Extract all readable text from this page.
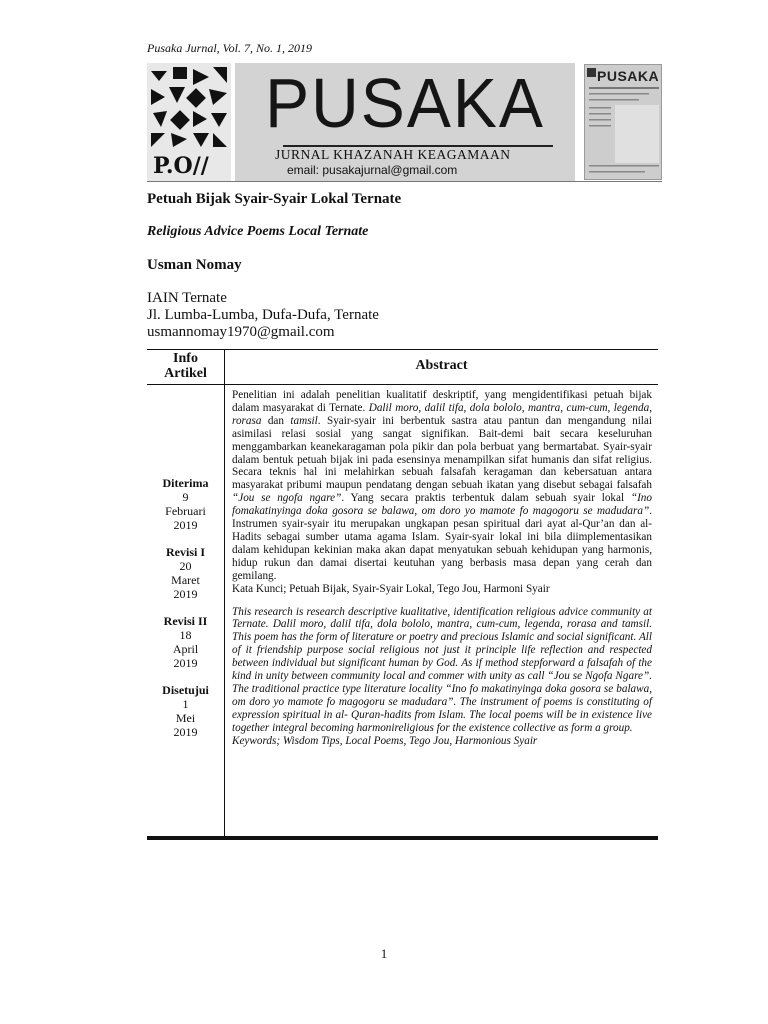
Pusaka Jurnal, Vol. 7, No. 1, 2019
P.O//
PUSAKA
JURNAL KHAZANAH KEAGAMAAN
email: pusakajurnal@gmail.com
PUSAKA
Petuah Bijak Syair-Syair Lokal Ternate
Religious Advice Poems Local Ternate
Usman Nomay
IAIN Ternate
Jl. Lumba-Lumba, Dufa-Dufa, Ternate
usmannomay1970@gmail.com
Info
Artikel
Abstract
Diterima
9
Februari
2019
Revisi I
20
Maret
2019
Revisi II
18
April
2019
Disetujui
1
Mei
2019

Penelitian ini adalah penelitian kualitatif deskriptif, yang mengidentifikasi petuah bijak dalam masyarakat di Ternate. Dalil moro, dalil tifa, dola bololo, mantra, cum-cum, legenda, rorasa dan tamsil. Syair-syair ini berbentuk sastra atau pantun dan mengandung nilai asimilasi relasi sosial yang sangat signifikan. Bait-demi bait secara keseluruhan menggambarkan keanekaragaman pola pikir dan pola berbuat yang bermartabat. Syair-syair dalam bentuk petuah bijak ini pada esensinya menampilkan sifat humanis dan sifat religius. Secara teknis hal ini melahirkan sebuah falsafah keragaman dan kebersatuan antara masyarakat pribumi maupun pendatang dengan sebuah ikatan yang disebut sebagai falsafah “Jou se ngofa ngare”. Yang secara praktis terbentuk dalam sebuah syair lokal “Ino fomakatinyinga doka gosora se balawa, om doro yo mamote fo magogoru se madudara”. Instrumen syair-syair itu merupakan ungkapan pesan spiritual dari ayat al-Qur’an dan al-Hadits sebagai sumber utama agama Islam. Syair-syair lokal ini bila diimplementasikan dalam kehidupan kekinian maka akan dapat menyatukan sebuah kehidupan yang harmonis, hidup rukun dan damai disertai keutuhan yang berbasis masa depan yang cerah dan gemilang.

Kata Kunci; Petuah Bijak, Syair-Syair Lokal, Tego Jou, Harmoni Syair

This research is research descriptive kualitative, identification religious advice community at Ternate. Dalil moro, dalil tifa, dola bololo, mantra, cum-cum, legenda, rorasa and tamsil. This poem has the form of literature or poetry and precious Islamic and social significant. All of it friendship purpose social religious not just it principle life reflection and respected between individual but significant human by God. As if method stepforward a falsafah of the kind in unity between community local and commer with unity as call “Jou se Ngofa Ngare”. The traditional practice type literature locality “Ino fo makatinyinga doka gosora se balawa, om doro yo mamote fo magogoru se madudara”. The instrument of poems is constituting of expression spiritual in al- Quran-hadits from Islam. The local poems will be in existence live together integral becoming harmonireligious for the existence collective as form a group.

Keywords; Wisdom Tips, Local Poems, Tego Jou, Harmonious Syair

1
